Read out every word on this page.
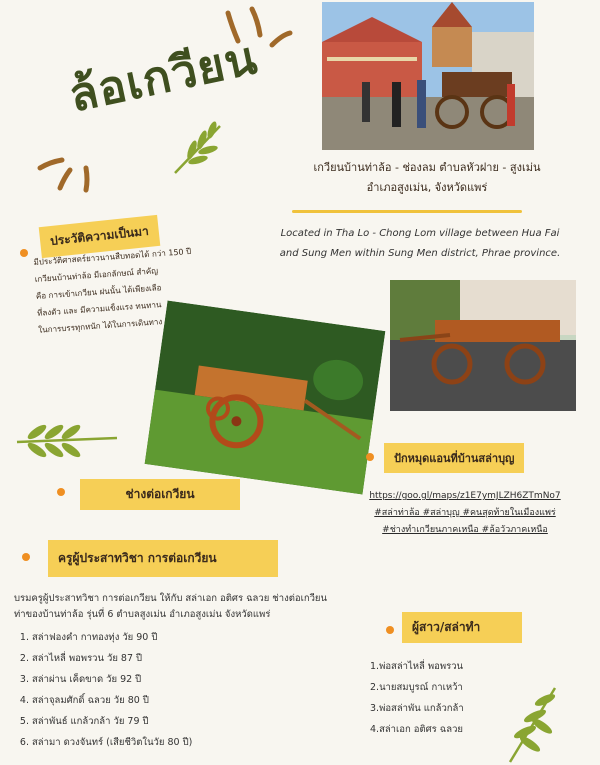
ล้อเกวียน
เกวียนบ้านท่าล้อ - ช่องลม ตำบลหัวฝาย - สูงเม่น
อำเภอสูงเม่น, จังหวัดแพร่
Located in Tha Lo - Chong Lom village between Hua Fai
and Sung Men within Sung Men district, Phrae province.
ประวัติความเป็นมา
มีประวัติศาสตร์ยาวนานสืบทอดได้ กว่า 150 ปี
เกวียนบ้านท่าล้อ มีเอกลักษณ์ สำคัญ
คือ การเข้าเกวียน ฝนนั้น ได้เพียงเลือ
ที่ลงตัว และ มีความแข็งแรง ทนทาน
ในการบรรทุกหนัก ได้ในการเดินทาง
ปักหมุดแอนที่บ้านสล่าบุญ
https://goo.gl/maps/z1E7ymJLZH6ZTmNo7
#สล่าท่าล้อ #สล่าบุญ #คนสุดท้ายในเมืองแพร่
#ช่างทำเกวียนภาคเหนือ #ล้อวัวภาคเหนือ
ช่างต่อเกวียน
ครูผู้ประสาทวิชา การต่อเกวียน
บรมครูผู้ประสาทวิชา การต่อเกวียน ให้กับ สล่าเอก อติศร ฉลวย ช่างต่อเกวียน
ท่าของบ้านท่าล้อ รุ่นที่ 6 ตำบลสูงเม่น อำเภอสูงเม่น จังหวัดแพร่
1. สล่าฟองคำ กาทองทุ่ง วัย 90 ปี
2. สล่าไหลี่ พอพรวน วัย 87 ปี
3. สล่าผ่าน เค็ดขาด วัย 92 ปี
4. สล่าจุลมศักดิ์ ฉลวย วัย 80 ปี
5. สล่าพันธ์ แกล้วกล้า วัย 79 ปี
6. สล่ามา ดวงจันทร์ (เสียชีวิตในวัย 80 ปี)
ผู้สาว/สล่าทำ
1.พ่อสล่าไหลี่ พอพรวน
2.นายสมบูรณ์ กาเหว้า
3.พ่อสล่าพัน แกล้วกล้า
4.สล่าเอก อติศร ฉลวย
